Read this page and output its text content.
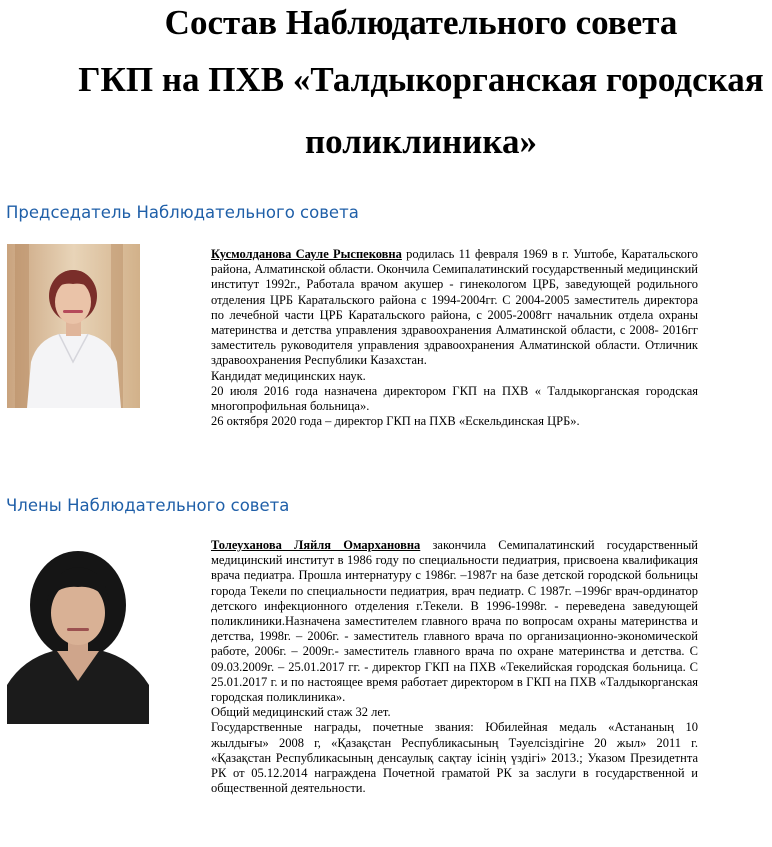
Состав Наблюдательного совета
ГКП на ПХВ «Талдыкорганская городская
поликлиника»
Председатель Наблюдательного совета

Кусмолданова Сауле Рыспековна родилась 11 февраля 1969 в г. Уштобе, Каратальского района, Алматинской области. Окончила Семипалатинский государственный медицинский институт 1992г., Работала врачом акушер - гинекологом ЦРБ, заведующей родильного отделения ЦРБ Каратальского района с 1994-2004гг. С 2004-2005 заместитель директора по лечебной части ЦРБ Каратальского района, с 2005-2008гг начальник отдела охраны материнства и детства управления здравоохранения Алматинской области, с 2008- 2016гг заместитель руководителя управления здравоохранения Алматинской области. Отличник здравоохранения Республики Казахстан.

Кандидат медицинских наук.

20 июля 2016 года назначена директором ГКП на ПХВ « Талдыкорганская городская многопрофильная больница».

26 октября 2020 года – директор ГКП на ПХВ «Ескельдинская ЦРБ».

Члены Наблюдательного совета

Толеуханова Ляйля Омархановна закончила Семипалатинский государственный медицинский институт в 1986 году по специальности педиатрия, присвоена квалификация врача педиатра. Прошла интернатуру с 1986г. –1987г на базе детской городской больницы города Текели по специальности педиатрия, врач педиатр. С 1987г. –1996г врач-ординатор детского инфекционного отделения г.Текели. В 1996-1998г. - переведена заведующей поликлиники.Назначена заместителем главного врача по вопросам охраны материнства и детства, 1998г. – 2006г. - заместитель главного врача по организационно-экономической работе, 2006г. – 2009г.- заместитель главного врача по охране материнства и детства. С 09.03.2009г. – 25.01.2017 гг. - директор ГКП на ПХВ «Текелийская городская больница. С 25.01.2017 г. и по настоящее время работает директором в ГКП на ПХВ «Талдыкорганская городская поликлиника».

Общий медицинский стаж 32 лет.

Государственные награды, почетные звания: Юбилейная медаль «Астананың 10 жылдығы» 2008 г, «Қазақстан Республикасының Тәуелсіздігіне 20 жыл» 2011 г. «Қазақстан Республикасының денсаулық сақтау ісінің үздігі» 2013.; Указом Президетнта РК от 05.12.2014 награждена Почетной граматой РК за заслуги в государственной и общественной деятельности.
